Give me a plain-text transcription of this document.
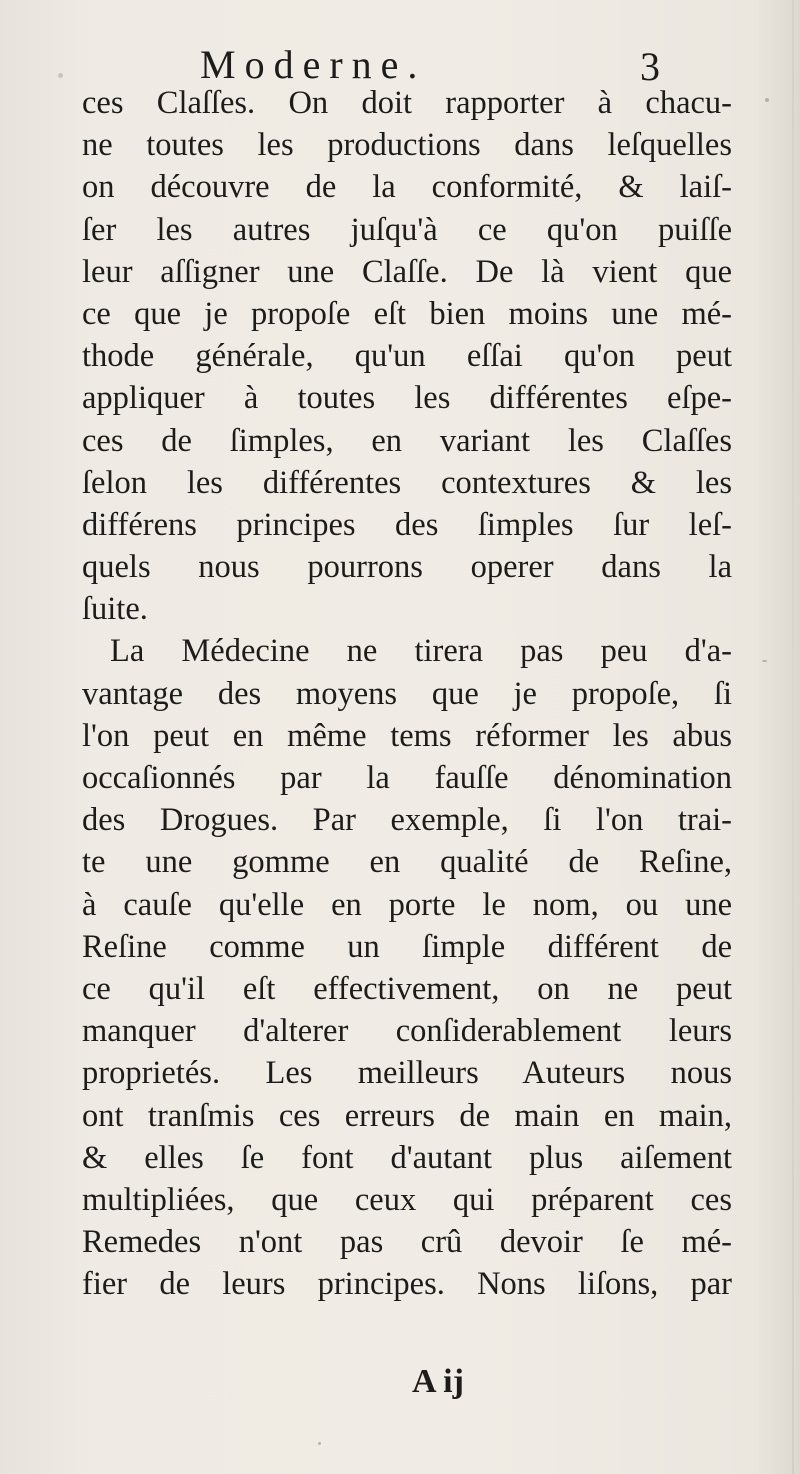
Moderne.	3
ces Claſſes. On doit rapporter à chacu-
ne toutes les productions dans leſquelles
on découvre de la conformité, & laiſ-
ſer les autres juſqu'à ce qu'on puiſſe
leur aſſigner une Claſſe. De là vient que
ce que je propoſe eſt bien moins une mé-
thode générale, qu'un eſſai qu'on peut
appliquer à toutes les différentes eſpe-
ces de ſimples, en variant les Claſſes
ſelon les différentes contextures & les
différens principes des ſimples ſur leſ-
quels nous pourrons operer dans la
ſuite.
La Médecine ne tirera pas peu d'a-
vantage des moyens que je propoſe, ſi
l'on peut en même tems réformer les abus
occaſionnés par la fauſſe dénomination
des Drogues. Par exemple, ſi l'on trai-
te une gomme en qualité de Reſine,
à cauſe qu'elle en porte le nom, ou une
Reſine comme un ſimple différent de
ce qu'il eſt effectivement, on ne peut
manquer d'alterer conſiderablement leurs
proprietés. Les meilleurs Auteurs nous
ont tranſmis ces erreurs de main en main,
& elles ſe font d'autant plus aiſement
multipliées, que ceux qui préparent ces
Remedes n'ont pas crû devoir ſe mé-
fier de leurs principes. Nons liſons, par
A ij
